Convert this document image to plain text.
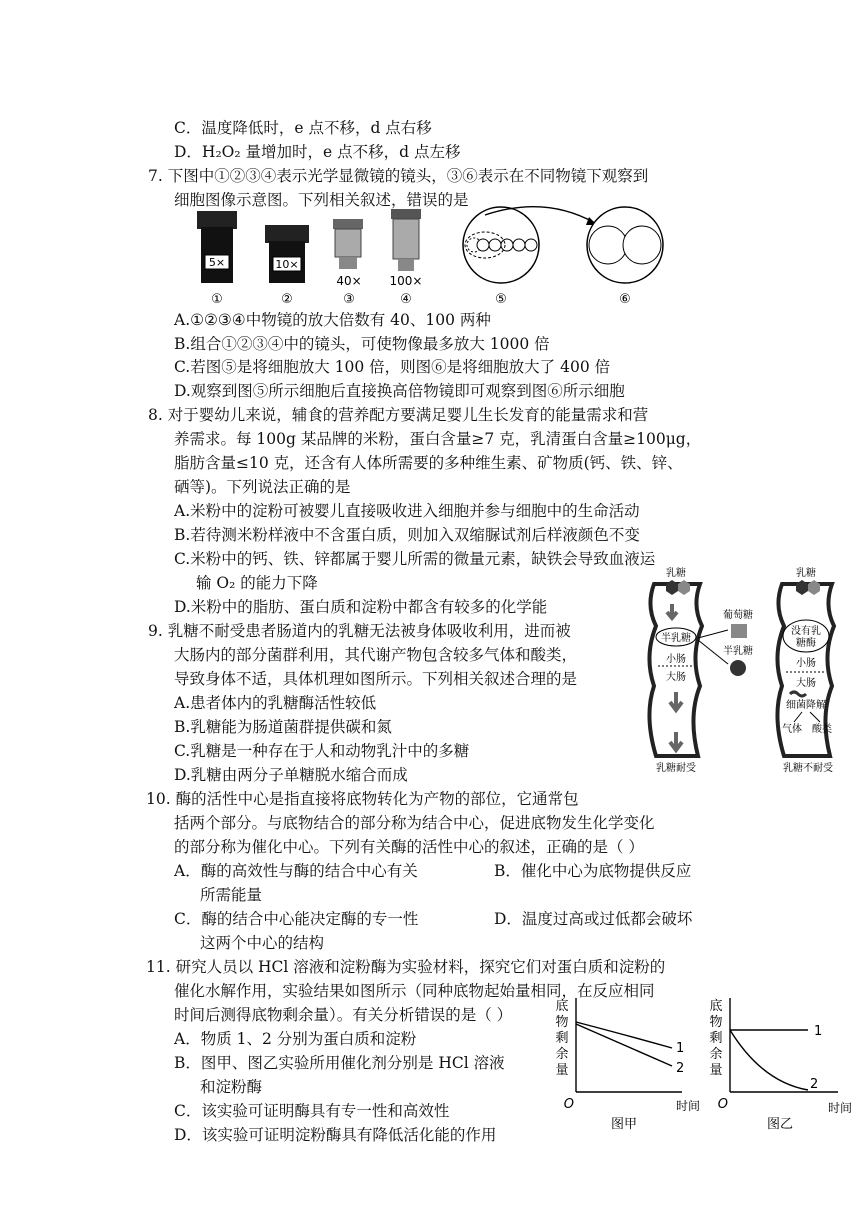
C．温度降低时，e 点不移，d 点右移
D．H₂O₂ 量增加时，e 点不移，d 点左移
7. 下图中①②③④表示光学显微镜的镜头，③⑥表示在不同物镜下观察到
细胞图像示意图。下列相关叙述，错误的是
5×	10×
40× 100×
①	②	③	④	⑤	⑥
A.①②③④中物镜的放大倍数有 40、100 两种
B.组合①②③④中的镜头，可使物像最多放大 1000 倍
C.若图⑤是将细胞放大 100 倍，则图⑥是将细胞放大了 400 倍
D.观察到图⑤所示细胞后直接换高倍物镜即可观察到图⑥所示细胞
8. 对于婴幼儿来说，辅食的营养配方要满足婴儿生长发育的能量需求和营
养需求。每 100g 某品牌的米粉，蛋白含量≥7 克，乳清蛋白含量≥100μg，
脂肪含量≤10 克，还含有人体所需要的多种维生素、矿物质(钙、铁、锌、
硒等)。下列说法正确的是
A.米粉中的淀粉可被婴儿直接吸收进入细胞并参与细胞中的生命活动
B.若待测米粉样液中不含蛋白质，则加入双缩脲试剂后样液颜色不变
C.米粉中的钙、铁、锌都属于婴儿所需的微量元素，缺铁会导致血液运
输 O₂ 的能力下降
D.米粉中的脂肪、蛋白质和淀粉中都含有较多的化学能
9. 乳糖不耐受患者肠道内的乳糖无法被身体吸收利用，进而被
大肠内的部分菌群利用，其代谢产物包含较多气体和酸类，
导致身体不适，具体机理如图所示。下列相关叙述合理的是
A.患者体内的乳糖酶活性较低
B.乳糖能为肠道菌群提供碳和氮
C.乳糖是一种存在于人和动物乳汁中的多糖
D.乳糖由两分子单糖脱水缩合而成
乳糖
半乳糖
小肠
大肠
乳糖耐受
葡萄糖
半乳糖
乳糖
没有乳
糖酶
小肠
大肠
细菌降解
气体 酸类
乳糖不耐受
10. 酶的活性中心是指直接将底物转化为产物的部位，它通常包
括两个部分。与底物结合的部分称为结合中心，促进底物发生化学变化
的部分称为催化中心。下列有关酶的活性中心的叙述，正确的是（ ）
A．酶的高效性与酶的结合中心有关	B．催化中心为底物提供反应
所需能量
C．酶的结合中心能决定酶的专一性	D．温度过高或过低都会破坏
这两个中心的结构
11. 研究人员以 HCl 溶液和淀粉酶为实验材料，探究它们对蛋白质和淀粉的
催化水解作用，实验结果如图所示（同种底物起始量相同，在反应相同
时间后测得底物剩余量）。有关分析错误的是（ ）
A．物质 1、2 分别为蛋白质和淀粉
B．图甲、图乙实验所用催化剂分别是 HCl 溶液
和淀粉酶
C．该实验可证明酶具有专一性和高效性
D．该实验可证明淀粉酶具有降低活化能的作用
底
物
剩
余
量
1
2
O	时间
图甲
底
物
剩
余
量
1
2
O	时间
图乙
